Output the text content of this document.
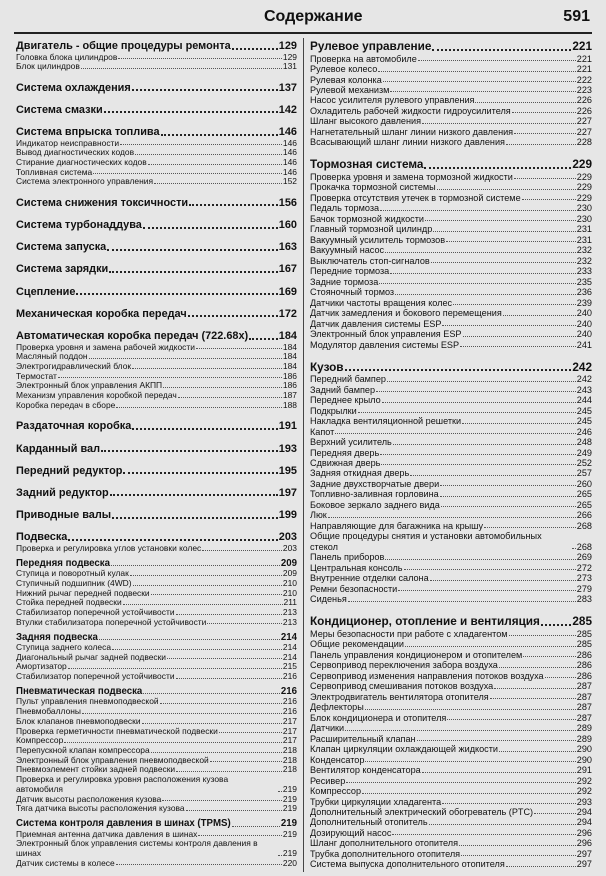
Содержание	591
Двигатель - общие процедуры ремонта	129
Головка блока цилиндров	129
Блок цилиндров	131
Система охлаждения	137
Система смазки	142
Система впрыска топлива	146
Индикатор неисправности	146
Вывод диагностических кодов	146
Стирание диагностических кодов	146
Топливная система	146
Система электронного управления	152
Система снижения токсичности	156
Система турбонаддува	160
Система запуска	163
Система зарядки	167
Сцепление	169
Механическая коробка передач	172
Автоматическая коробка передач (722.68x)	184
Проверка уровня и замена рабочей жидкости	184
Масляный поддон	184
Электрогидравлический блок	184
Термостат	186
Электронный блок управления АКПП	186
Механизм управления коробкой передач	187
Коробка передач в сборе	188
Раздаточная коробка	191
Карданный вал	193
Передний редуктор	195
Задний редуктор	197
Приводные валы	199
Подвеска	203
Проверка и регулировка углов установки колес	203
Передняя подвеска	209
Ступица и поворотный кулак	209
Ступичный подшипник (4WD)	210
Нижний рычаг передней подвески	210
Стойка передней подвески	211
Стабилизатор поперечной устойчивости	213
Втулки стабилизатора поперечной устойчивости	213
Задняя подвеска	214
Ступица заднего колеса	214
Диагональный рычаг задней подвески	214
Амортизатор	215
Стабилизатор поперечной устойчивости	216
Пневматическая подвеска	216
Пульт управления пневмоподвеской	216
Пневмобаллоны	216
Блок клапанов пневмоподвески	217
Проверка герметичности пневматической подвески	217
Компрессор	217
Перепускной клапан компрессора	218
Электронный блок управления пневмоподвеской	218
Пневмоэлемент стойки задней подвески	218
Проверка и регулировка уровня расположения кузова автомобиля	219
Датчик высоты расположения кузова	219
Тяга датчика высоты расположения кузова	219
Система контроля давления в шинах (TPMS)	219
Приемная антенна датчика давления в шинах	219
Электронный блок управления системы контроля давления в шинах	219
Датчик системы в колесе	220
Рулевое управление	221
Проверка на автомобиле	221
Рулевое колесо	221
Рулевая колонка	222
Рулевой механизм	223
Насос усилителя рулевого управления	226
Охладитель рабочей жидкости гидроусилителя	226
Шланг высокого давления	227
Нагнетательный шланг линии низкого давления	227
Всасывающий шланг линии низкого давления	228
Тормозная система	229
Проверка уровня и замена тормозной жидкости	229
Прокачка тормозной системы	229
Проверка отсутствия утечек в тормозной системе	229
Педаль тормоза	230
Бачок тормозной жидкости	230
Главный тормозной цилиндр	231
Вакуумный усилитель тормозов	231
Вакуумный насос	232
Выключатель стоп-сигналов	232
Передние тормоза	233
Задние тормоза	235
Стояночный тормоз	236
Датчики частоты вращения колес	239
Датчик замедления и бокового перемещения	240
Датчик давления системы ESP	240
Электронный блок управления ESP	240
Модулятор давления системы ESP	241
Кузов	242
Передний бампер	242
Задний бампер	243
Переднее крыло	244
Подкрылки	245
Накладка вентиляционной решетки	245
Капот	246
Верхний усилитель	248
Передняя дверь	249
Сдвижная дверь	252
Задняя откидная дверь	257
Задние двухстворчатые двери	260
Топливно-заливная горловина	265
Боковое зеркало заднего вида	265
Люк	266
Направляющие для багажника на крышу	268
Общие процедуры снятия и установки автомобильных стекол	268
Панель приборов	269
Центральная консоль	272
Внутренние отделки салона	273
Ремни безопасности	279
Сиденья	283
Кондиционер, отопление и вентиляция	285
Меры безопасности при работе с хладагентом	285
Общие рекомендации	285
Панель управления кондиционером и отопителем	286
Сервопривод переключения забора воздуха	286
Сервопривод изменения направления потоков воздуха	286
Сервопривод смешивания потоков воздуха	287
Электродвигатель вентилятора отопителя	287
Дефлекторы	287
Блок кондиционера и отопителя	287
Датчики	289
Расширительный клапан	289
Клапан циркуляции охлаждающей жидкости	290
Конденсатор	290
Вентилятор конденсатора	291
Ресивер	292
Компрессор	292
Трубки циркуляции хладагента	293
Дополнительный электрический обогреватель (PTC)	294
Дополнительный отопитель	294
Дозирующий насос	296
Шланг дополнительного отопителя	296
Трубка дополнительного отопителя	297
Система выпуска дополнительного отопителя	297
